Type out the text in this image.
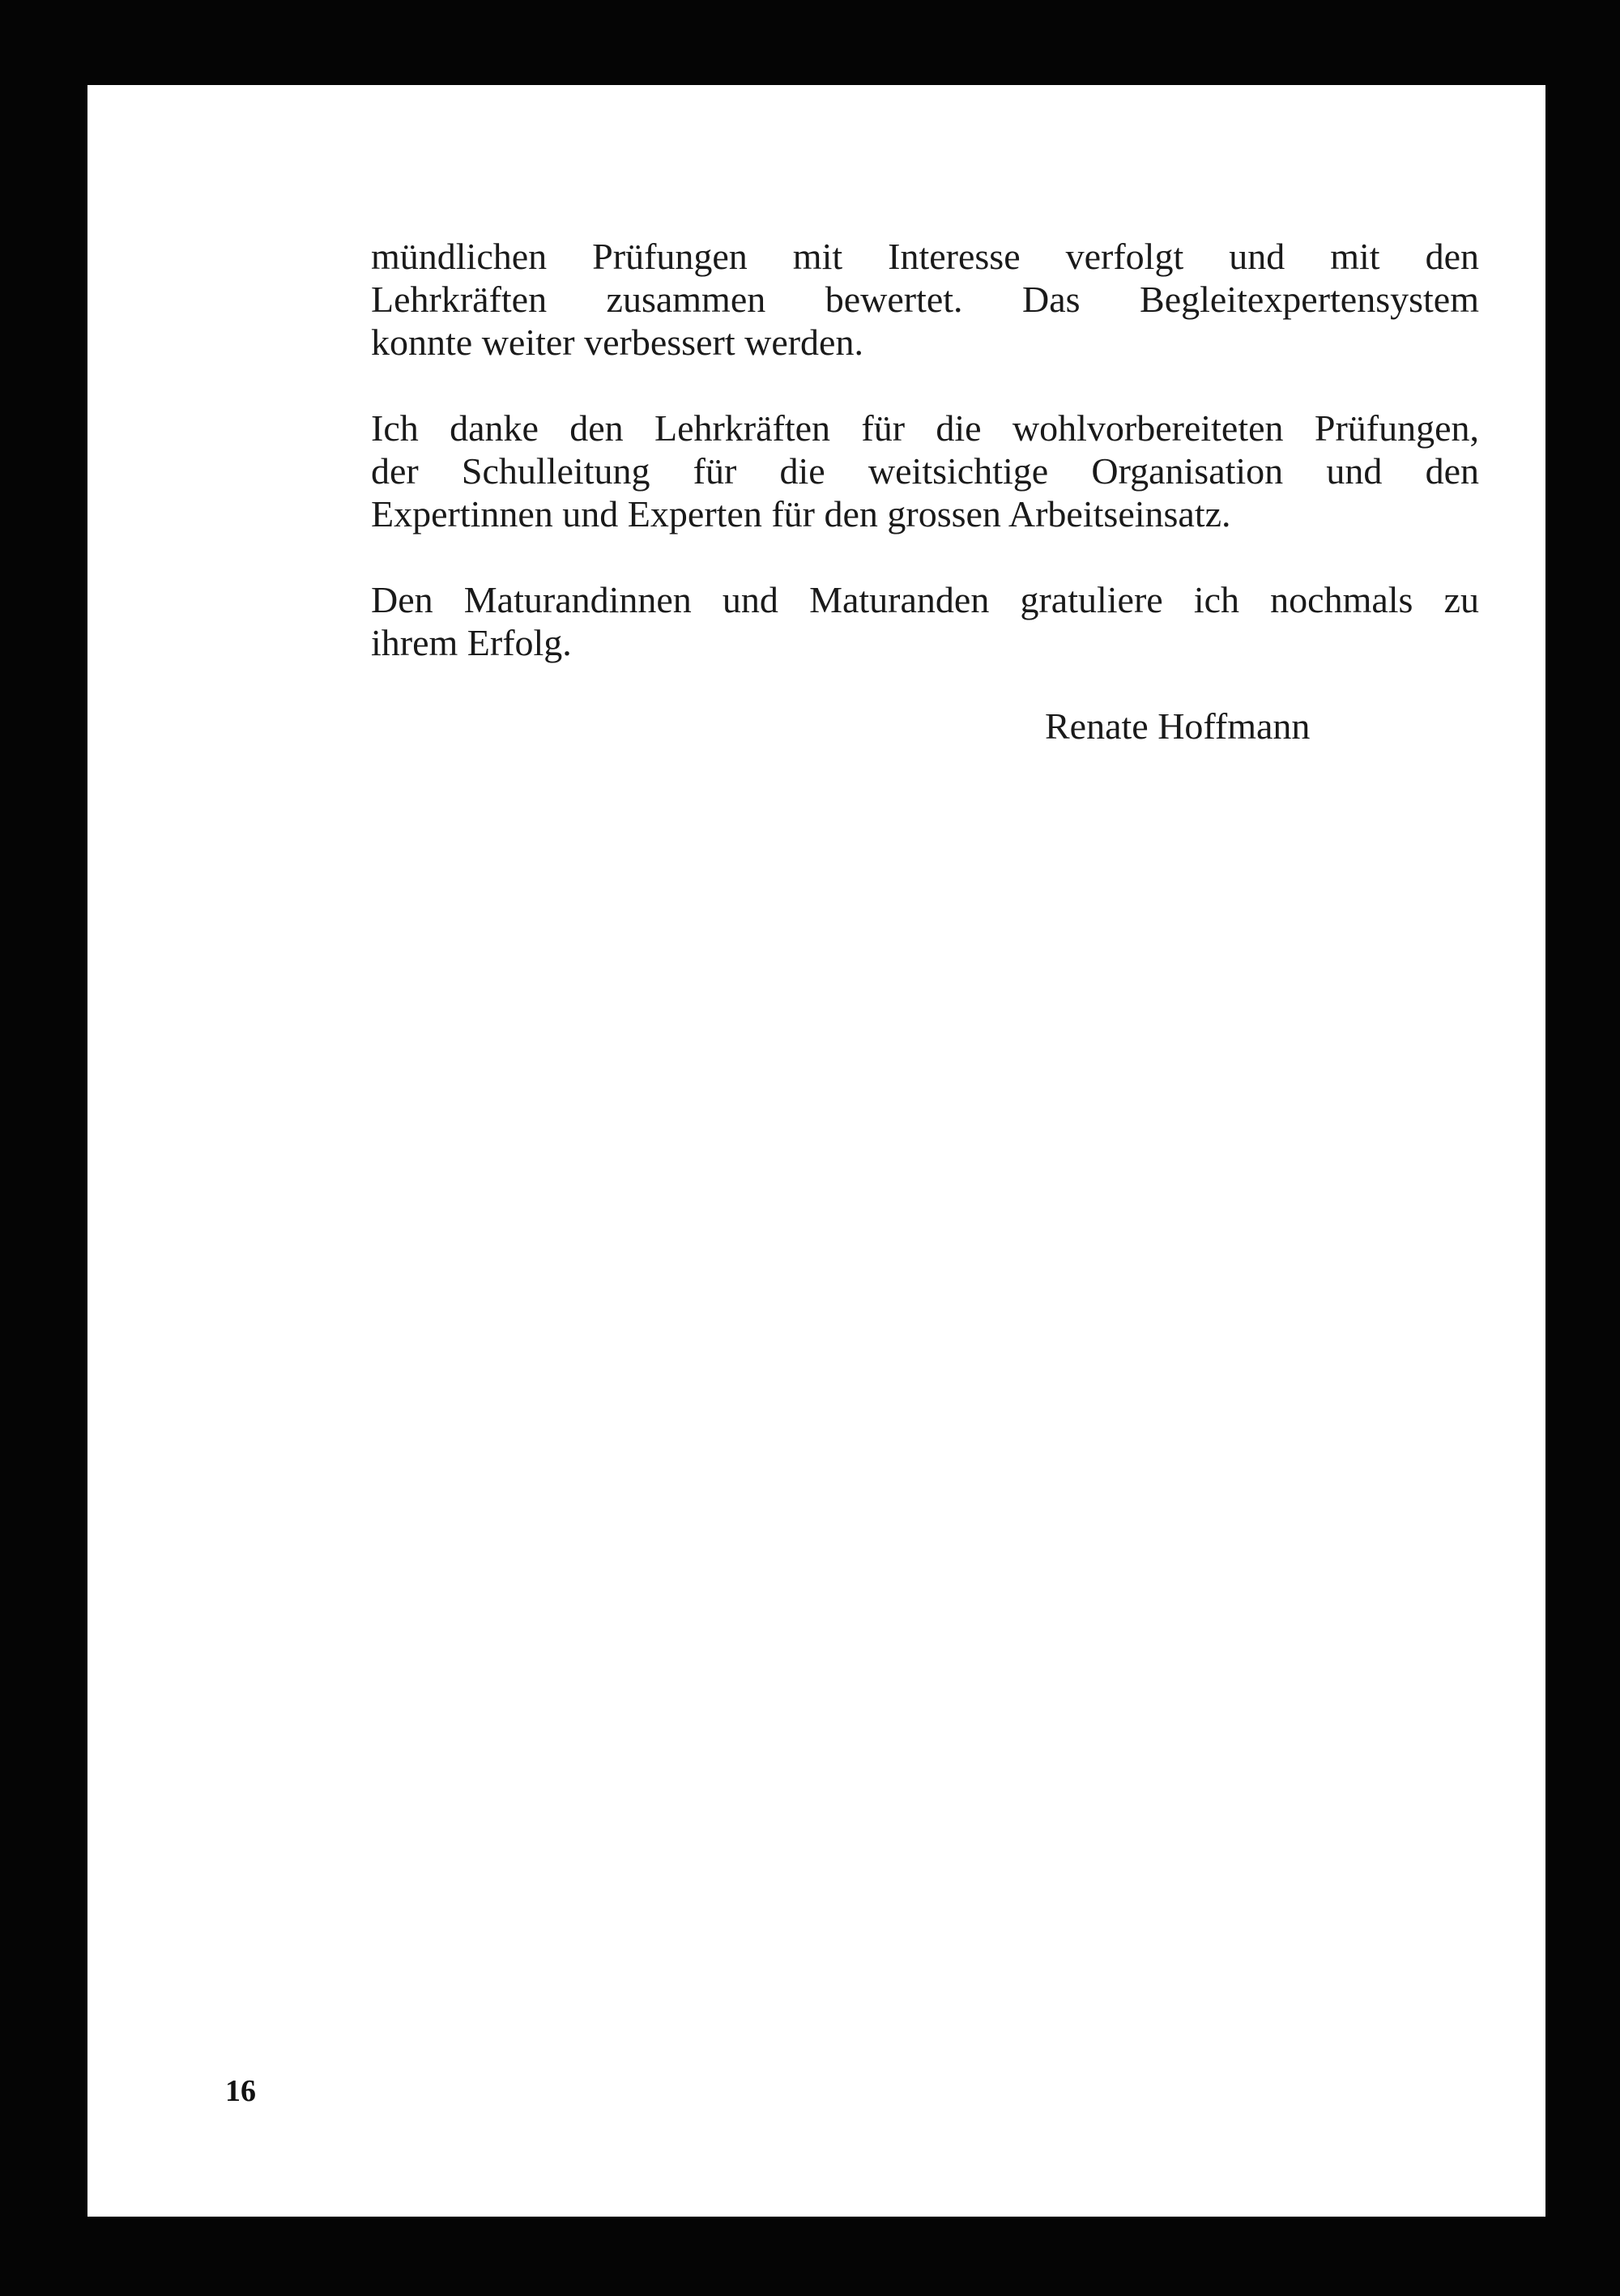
mündlichen Prüfungen mit Interesse verfolgt und mit den
Lehrkräften zusammen bewertet. Das Begleitexpertensystem
konnte weiter verbessert werden.

Ich danke den Lehrkräften für die wohlvorbereiteten Prüfungen,
der Schulleitung für die weitsichtige Organisation und den
Expertinnen und Experten für den grossen Arbeitseinsatz.

Den Maturandinnen und Maturanden gratuliere ich nochmals zu
ihrem Erfolg.

Renate Hoffmann
16
